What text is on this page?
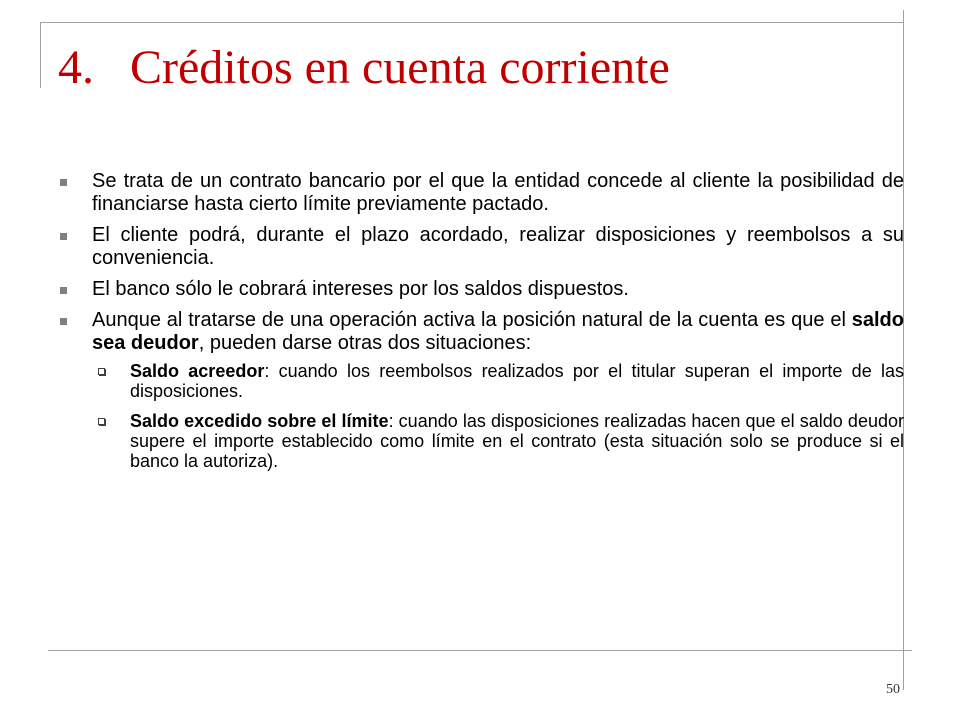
4. Créditos en cuenta corriente
Se trata de un contrato bancario por el que la entidad concede al cliente la posibilidad de financiarse hasta cierto límite previamente pactado.
El cliente podrá, durante el plazo acordado, realizar disposiciones y reembolsos a su conveniencia.
El banco sólo le cobrará intereses por los saldos dispuestos.
Aunque al tratarse de una operación activa la posición natural de la cuenta es que el saldo sea deudor, pueden darse otras dos situaciones:
Saldo acreedor: cuando los reembolsos realizados por el titular superan el importe de las disposiciones.
Saldo excedido sobre el límite: cuando las disposiciones realizadas hacen que el saldo deudor supere el importe establecido como límite en el contrato (esta situación solo se produce si el banco la autoriza).
50
